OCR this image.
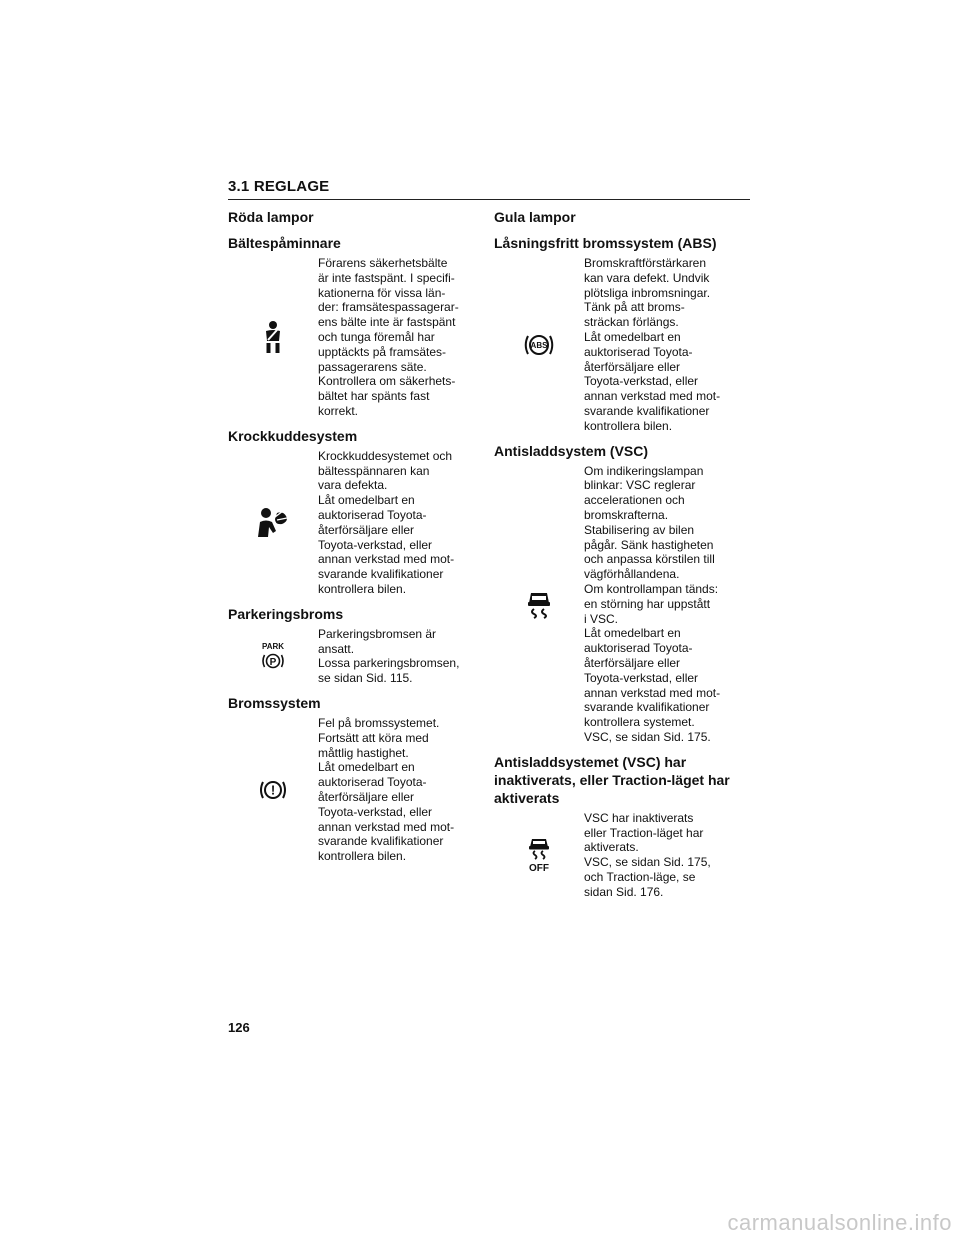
3.1 REGLAGE
Röda lampor
Bältespåminnare
Förarens säkerhetsbälte
är inte fastspänt. I specifi-
kationerna för vissa län-
der: framsätespassagerar-
ens bälte inte är fastspänt
och tunga föremål har
upptäckts på framsätes-
passagerarens säte.
Kontrollera om säkerhets-
bältet har spänts fast
korrekt.
Krockkuddesystem
Krockkuddesystemet och
bältesspännaren kan
vara defekta.
Låt omedelbart en
auktoriserad Toyota-
återförsäljare eller
Toyota-verkstad, eller
annan verkstad med mot-
svarande kvalifikationer
kontrollera bilen.
Parkeringsbroms
PARK
P
Parkeringsbromsen är
ansatt.
Lossa parkeringsbromsen,
se sidan Sid. 115.
Bromssystem
!
Fel på bromssystemet.
Fortsätt att köra med
måttlig hastighet.
Låt omedelbart en
auktoriserad Toyota-
återförsäljare eller
Toyota-verkstad, eller
annan verkstad med mot-
svarande kvalifikationer
kontrollera bilen.
Gula lampor
Låsningsfritt bromssystem (ABS)
ABS
Bromskraftförstärkaren
kan vara defekt. Undvik
plötsliga inbromsningar.
Tänk på att broms-
sträckan förlängs.
Låt omedelbart en
auktoriserad Toyota-
återförsäljare eller
Toyota-verkstad, eller
annan verkstad med mot-
svarande kvalifikationer
kontrollera bilen.
Antisladdsystem (VSC)
Om indikeringslampan
blinkar: VSC reglerar
accelerationen och
bromskrafterna.
Stabilisering av bilen
pågår. Sänk hastigheten
och anpassa körstilen till
vägförhållandena.
Om kontrollampan tänds:
en störning har uppstått
i VSC.
Låt omedelbart en
auktoriserad Toyota-
återförsäljare eller
Toyota-verkstad, eller
annan verkstad med mot-
svarande kvalifikationer
kontrollera systemet.
VSC, se sidan Sid. 175.
Antisladdsystemet (VSC) har
inaktiverats, eller Traction-läget har
aktiverats
OFF
VSC har inaktiverats
eller Traction-läget har
aktiverats.
VSC, se sidan Sid. 175,
och Traction-läge, se
sidan Sid. 176.
126
carmanualsonline.info
